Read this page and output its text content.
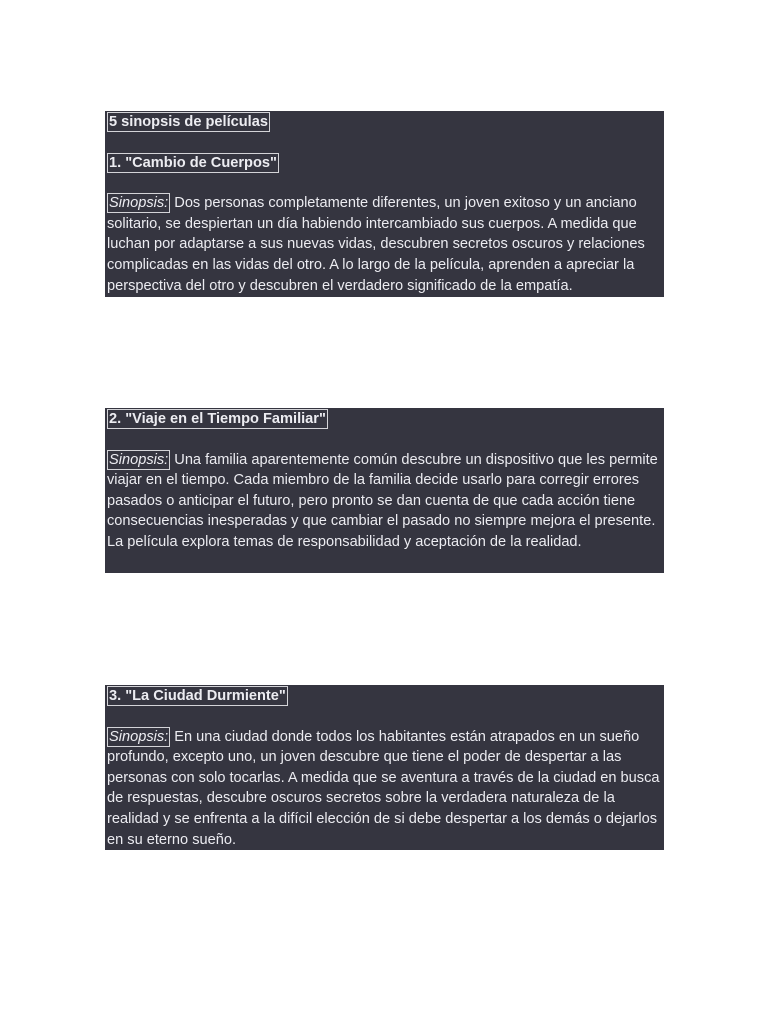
5 sinopsis de películas
1. "Cambio de Cuerpos"

Sinopsis: Dos personas completamente diferentes, un joven exitoso y un anciano solitario, se despiertan un día habiendo intercambiado sus cuerpos. A medida que luchan por adaptarse a sus nuevas vidas, descubren secretos oscuros y relaciones complicadas en las vidas del otro. A lo largo de la película, aprenden a apreciar la perspectiva del otro y descubren el verdadero significado de la empatía.

2. "Viaje en el Tiempo Familiar"

Sinopsis: Una familia aparentemente común descubre un dispositivo que les permite viajar en el tiempo. Cada miembro de la familia decide usarlo para corregir errores pasados o anticipar el futuro, pero pronto se dan cuenta de que cada acción tiene consecuencias inesperadas y que cambiar el pasado no siempre mejora el presente. La película explora temas de responsabilidad y aceptación de la realidad.

3. "La Ciudad Durmiente"

Sinopsis: En una ciudad donde todos los habitantes están atrapados en un sueño profundo, excepto uno, un joven descubre que tiene el poder de despertar a las personas con solo tocarlas. A medida que se aventura a través de la ciudad en busca de respuestas, descubre oscuros secretos sobre la verdadera naturaleza de la realidad y se enfrenta a la difícil elección de si debe despertar a los demás o dejarlos en su eterno sueño.
